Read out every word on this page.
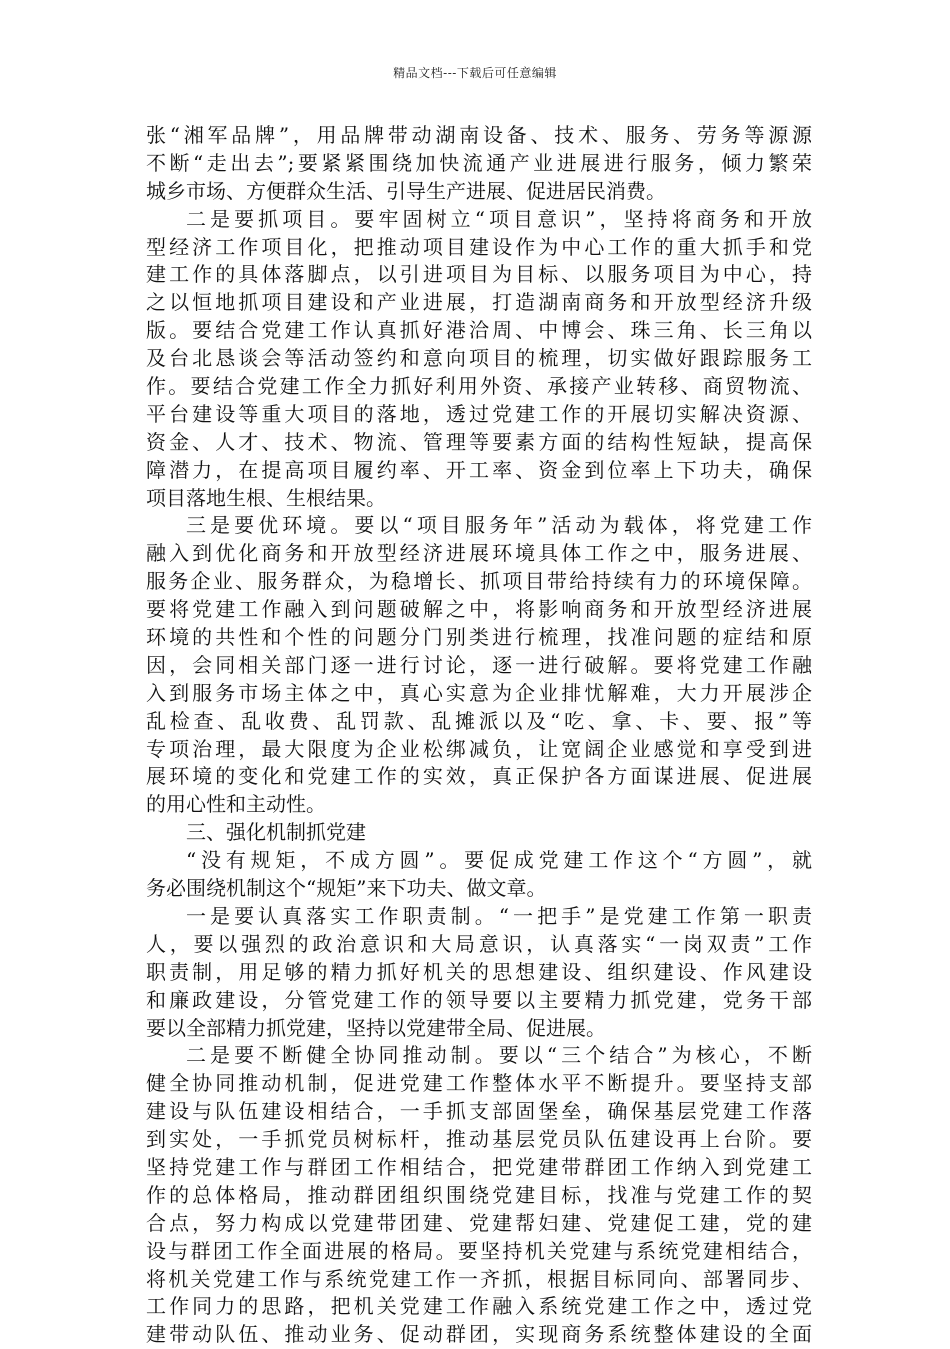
精品文档---下载后可任意编辑
张“湘军品牌”，用品牌带动湖南设备、技术、服务、劳务等源源
不断“走出去”;要紧紧围绕加快流通产业进展进行服务，倾力繁荣
城乡市场、方便群众生活、引导生产进展、促进居民消费。
二是要抓项目。要牢固树立“项目意识”，坚持将商务和开放
型经济工作项目化，把推动项目建设作为中心工作的重大抓手和党
建工作的具体落脚点，以引进项目为目标、以服务项目为中心，持
之以恒地抓项目建设和产业进展，打造湖南商务和开放型经济升级
版。要结合党建工作认真抓好港洽周、中博会、珠三角、长三角以
及台北恳谈会等活动签约和意向项目的梳理，切实做好跟踪服务工
作。要结合党建工作全力抓好利用外资、承接产业转移、商贸物流、
平台建设等重大项目的落地，透过党建工作的开展切实解决资源、
资金、人才、技术、物流、管理等要素方面的结构性短缺，提高保
障潜力，在提高项目履约率、开工率、资金到位率上下功夫，确保
项目落地生根、生根结果。
三是要优环境。要以“项目服务年”活动为载体，将党建工作
融入到优化商务和开放型经济进展环境具体工作之中，服务进展、
服务企业、服务群众，为稳增长、抓项目带给持续有力的环境保障。
要将党建工作融入到问题破解之中，将影响商务和开放型经济进展
环境的共性和个性的问题分门别类进行梳理，找准问题的症结和原
因，会同相关部门逐一进行讨论，逐一进行破解。要将党建工作融
入到服务市场主体之中，真心实意为企业排忧解难，大力开展涉企
乱检查、乱收费、乱罚款、乱摊派以及“吃、拿、卡、要、报”等
专项治理，最大限度为企业松绑减负，让宽阔企业感觉和享受到进
展环境的变化和党建工作的实效，真正保护各方面谋进展、促进展
的用心性和主动性。
三、强化机制抓党建
“没有规矩，不成方圆”。要促成党建工作这个“方圆”，就
务必围绕机制这个“规矩”来下功夫、做文章。
一是要认真落实工作职责制。“一把手”是党建工作第一职责
人，要以强烈的政治意识和大局意识，认真落实“一岗双责”工作
职责制，用足够的精力抓好机关的思想建设、组织建设、作风建设
和廉政建设，分管党建工作的领导要以主要精力抓党建，党务干部
要以全部精力抓党建，坚持以党建带全局、促进展。
二是要不断健全协同推动制。要以“三个结合”为核心，不断
健全协同推动机制，促进党建工作整体水平不断提升。要坚持支部
建设与队伍建设相结合，一手抓支部固堡垒，确保基层党建工作落
到实处，一手抓党员树标杆，推动基层党员队伍建设再上台阶。要
坚持党建工作与群团工作相结合，把党建带群团工作纳入到党建工
作的总体格局，推动群团组织围绕党建目标，找准与党建工作的契
合点，努力构成以党建带团建、党建帮妇建、党建促工建，党的建
设与群团工作全面进展的格局。要坚持机关党建与系统党建相结合，
将机关党建工作与系统党建工作一齐抓，根据目标同向、部署同步、
工作同力的思路，把机关党建工作融入系统党建工作之中，透过党
建带动队伍、推动业务、促动群团，实现商务系统整体建设的全面
